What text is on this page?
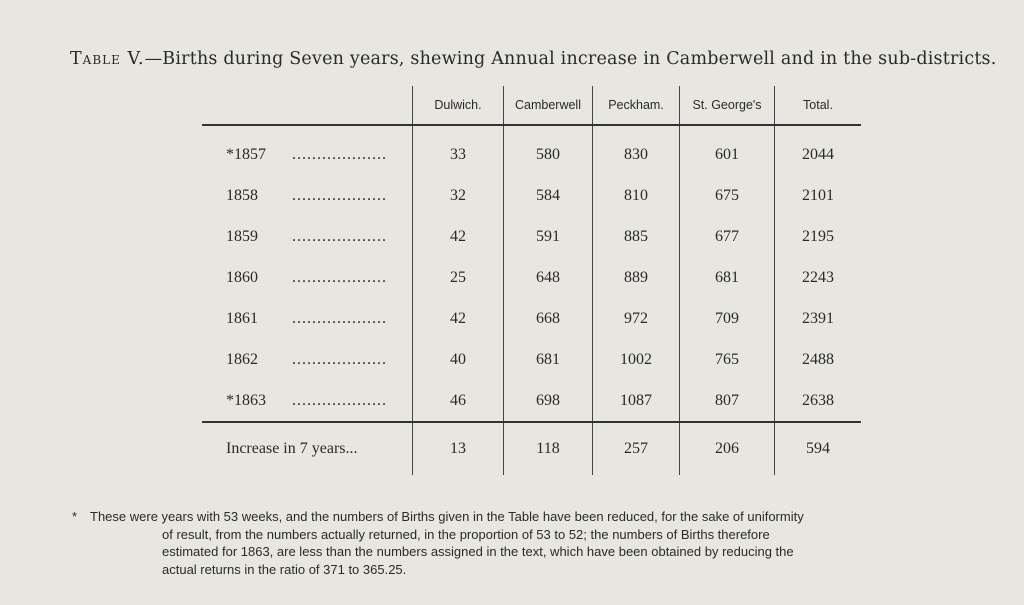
Table V.—Births during Seven years, shewing Annual increase in Camberwell and in the sub-districts.
	Dulwich.	Camberwell	Peckham.	St. George's	Total.
*1857 ...................	33	580	830	601	2044
1858 ...................	32	584	810	675	2101
1859 ...................	42	591	885	677	2195
1860 ...................	25	648	889	681	2243
1861 ...................	42	668	972	709	2391
1862 ...................	40	681	1002	765	2488
*1863 ...................	46	698	1087	807	2638
Increase in 7 years...	13	118	257	206	594
* These were years with 53 weeks, and the numbers of Births given in the Table have been reduced, for the sake of uniformity
of result, from the numbers actually returned, in the proportion of 53 to 52; the numbers of Births therefore
estimated for 1863, are less than the numbers assigned in the text, which have been obtained by reducing the
actual returns in the ratio of 371 to 365.25.
